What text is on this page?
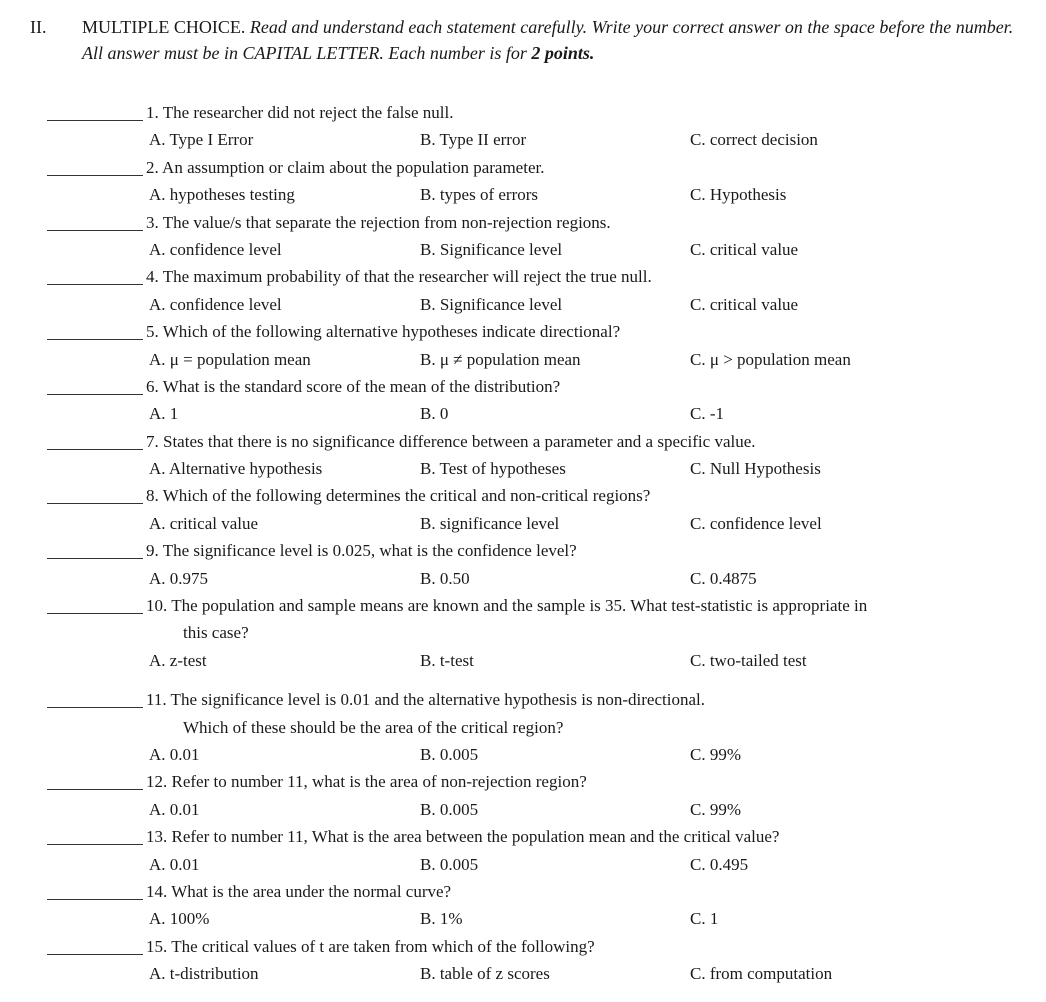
II. MULTIPLE CHOICE. Read and understand each statement carefully. Write your correct answer on the space before the number. All answer must be in CAPITAL LETTER. Each number is for 2 points.
1. The researcher did not reject the false null.
A. Type I Error	B. Type II error	C. correct decision
2. An assumption or claim about the population parameter.
A. hypotheses testing	B. types of errors	C. Hypothesis
3. The value/s that separate the rejection from non-rejection regions.
A. confidence level	B. Significance level	C. critical value
4. The maximum probability of that the researcher will reject the true null.
A. confidence level	B. Significance level	C. critical value
5. Which of the following alternative hypotheses indicate directional?
A. μ = population mean	B. μ ≠ population mean	C. μ > population mean
6. What is the standard score of the mean of the distribution?
A. 1	B. 0	C. -1
7. States that there is no significance difference between a parameter and a specific value.
A. Alternative hypothesis	B. Test of hypotheses	C. Null Hypothesis
8. Which of the following determines the critical and non-critical regions?
A. critical value	B. significance level	C. confidence level
9. The significance level is 0.025, what is the confidence level?
A. 0.975	B. 0.50	C. 0.4875
10. The population and sample means are known and the sample is 35. What test-statistic is appropriate in
this case?
A. z-test	B. t-test	C. two-tailed test
11. The significance level is 0.01 and the alternative hypothesis is non-directional.
Which of these should be the area of the critical region?
A. 0.01	B. 0.005	C. 99%
12. Refer to number 11, what is the area of non-rejection region?
A. 0.01	B. 0.005	C. 99%
13. Refer to number 11, What is the area between the population mean and the critical value?
A. 0.01	B. 0.005	C. 0.495
14. What is the area under the normal curve?
A. 100%	B. 1%	C. 1
15. The critical values of t are taken from which of the following?
A. t-distribution	B. table of z scores	C. from computation
